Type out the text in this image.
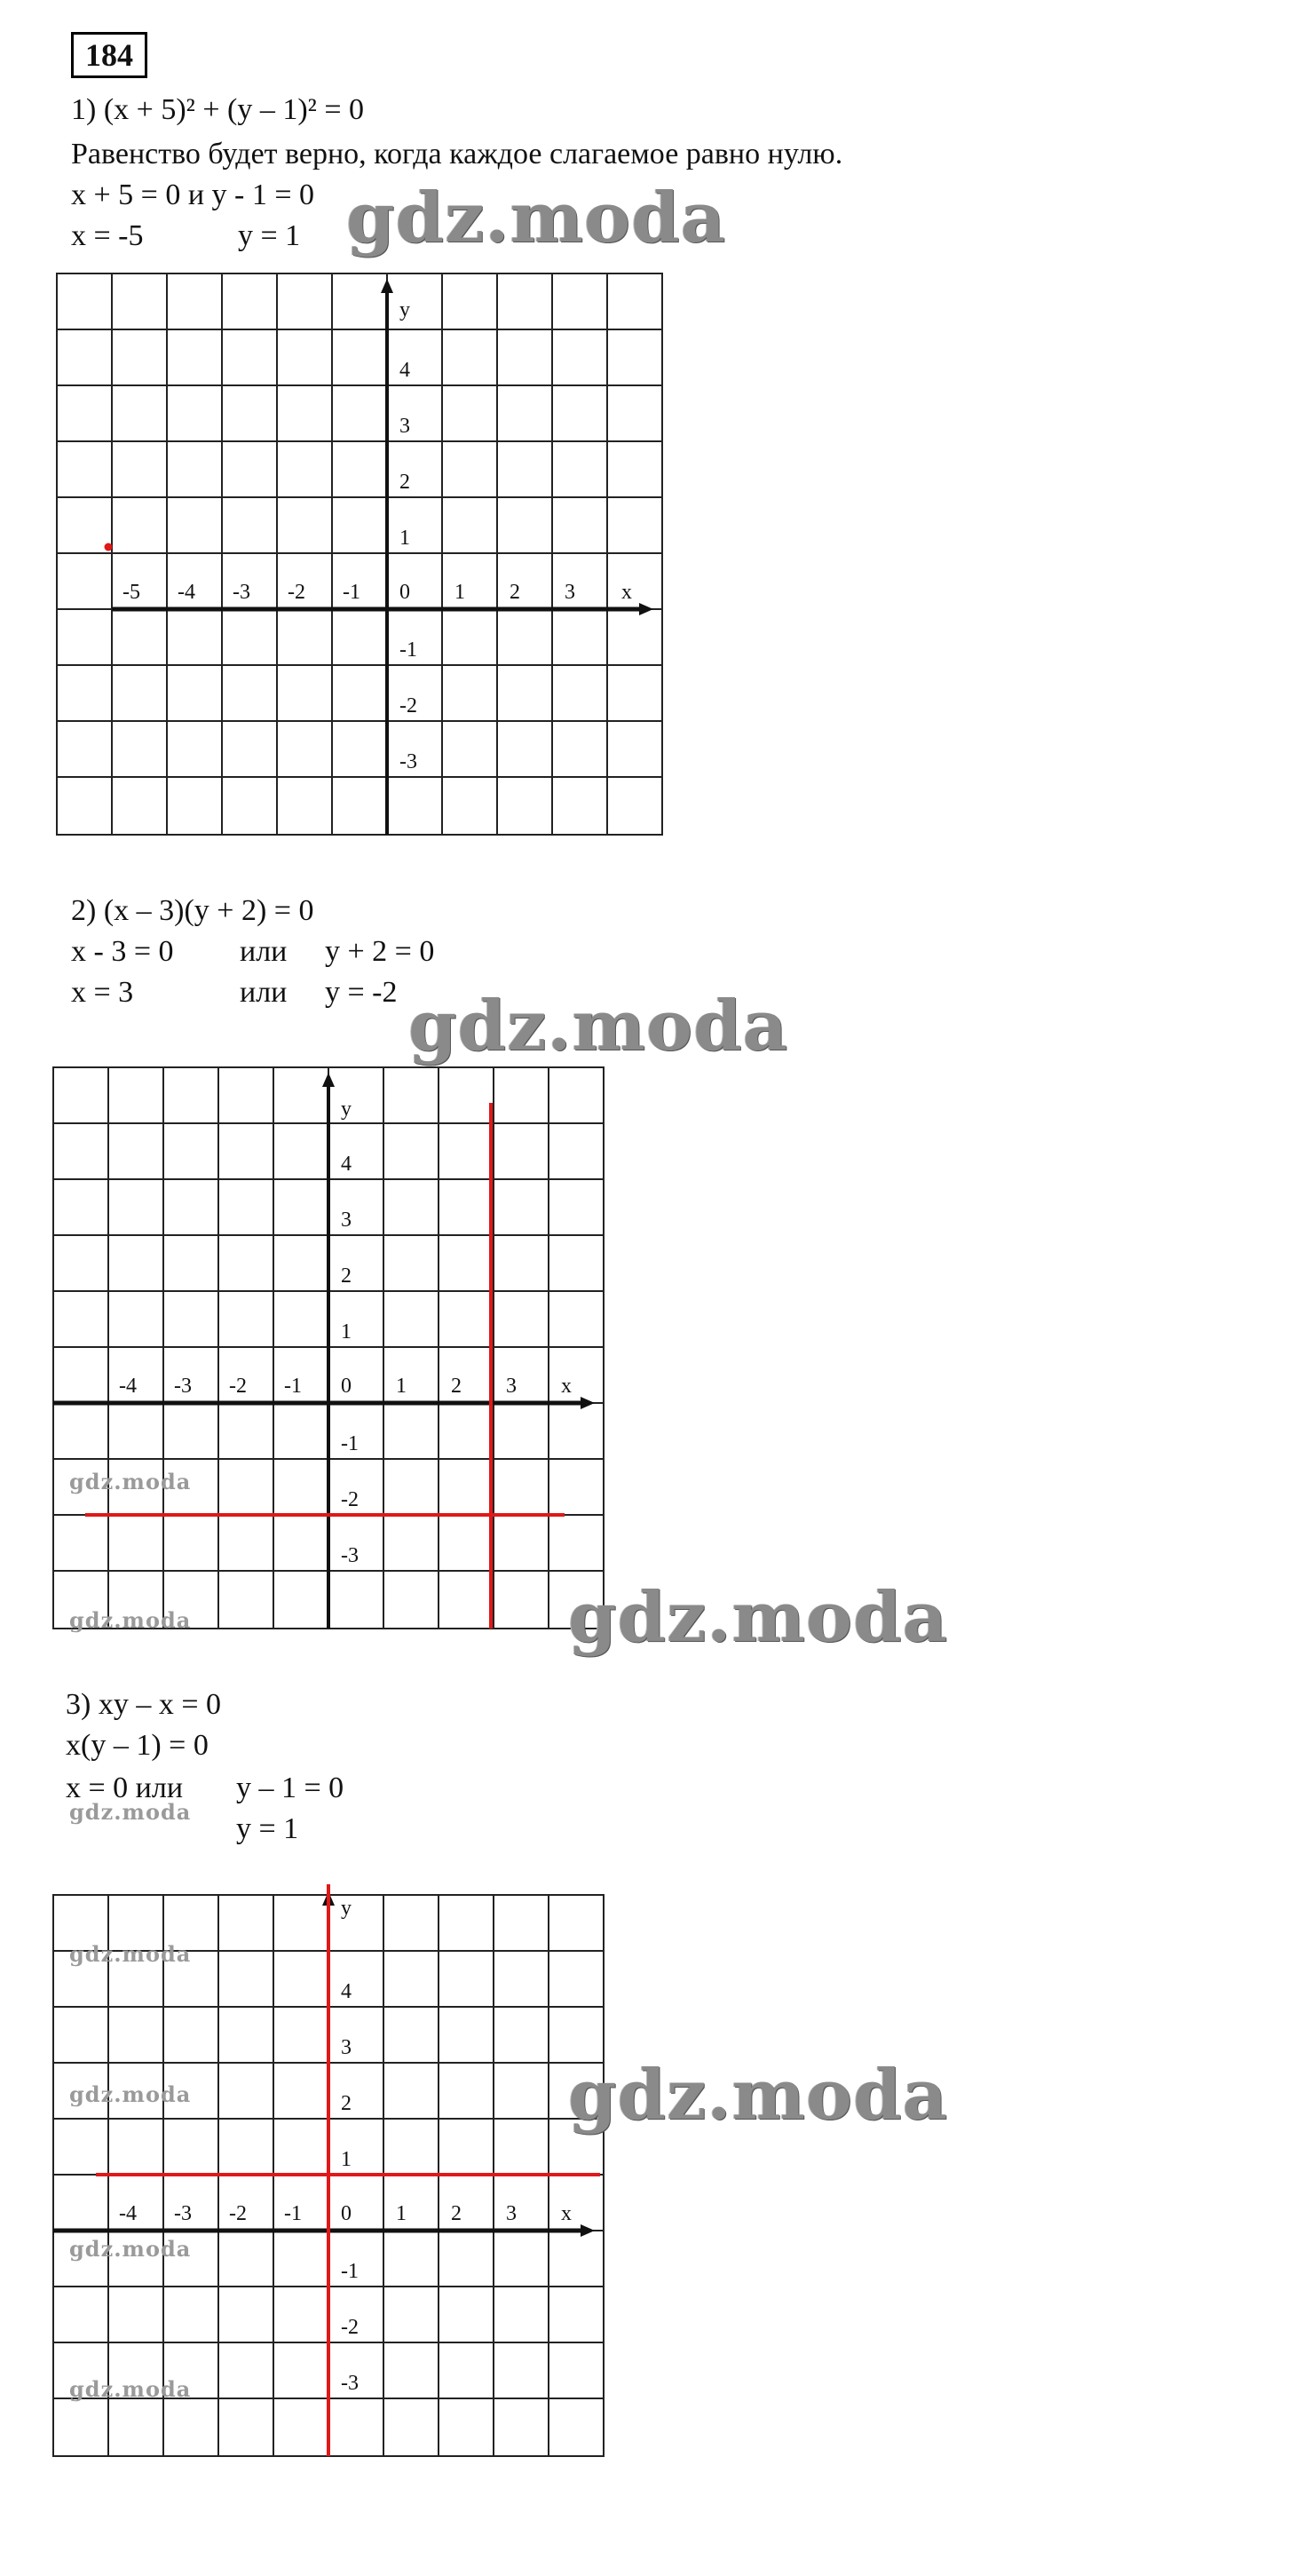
184
1) (x + 5)² + (y – 1)² = 0
Равенство будет верно, когда каждое слагаемое равно нулю.
x + 5 = 0 и y - 1 = 0
x = -5	y = 1 gdz.moda
-5 -4 -3 -2 -1 0 1 2 3 x
y
4
3
2
1
-1
-2
-3
2) (x – 3)(y + 2) = 0
x - 3 = 0 или y + 2 = 0
x = 3	или y = -2 gdz.moda
-4 -3 -2 -1 0 1 2 3 x
y
4
3
2
1
-1
-2
-3
gdz.moda
gdz.moda	gdz.moda
3) xy – x = 0
x(y – 1) = 0
x = 0 или y – 1 = 0
y = 1
gdz.moda
-4 -3 -2 -1 0 1 2 3 x
y
4
3
2
1
-1
-2
-3
gdz.moda
gdz.moda
gdz.moda
gdz.moda
gdz.moda
